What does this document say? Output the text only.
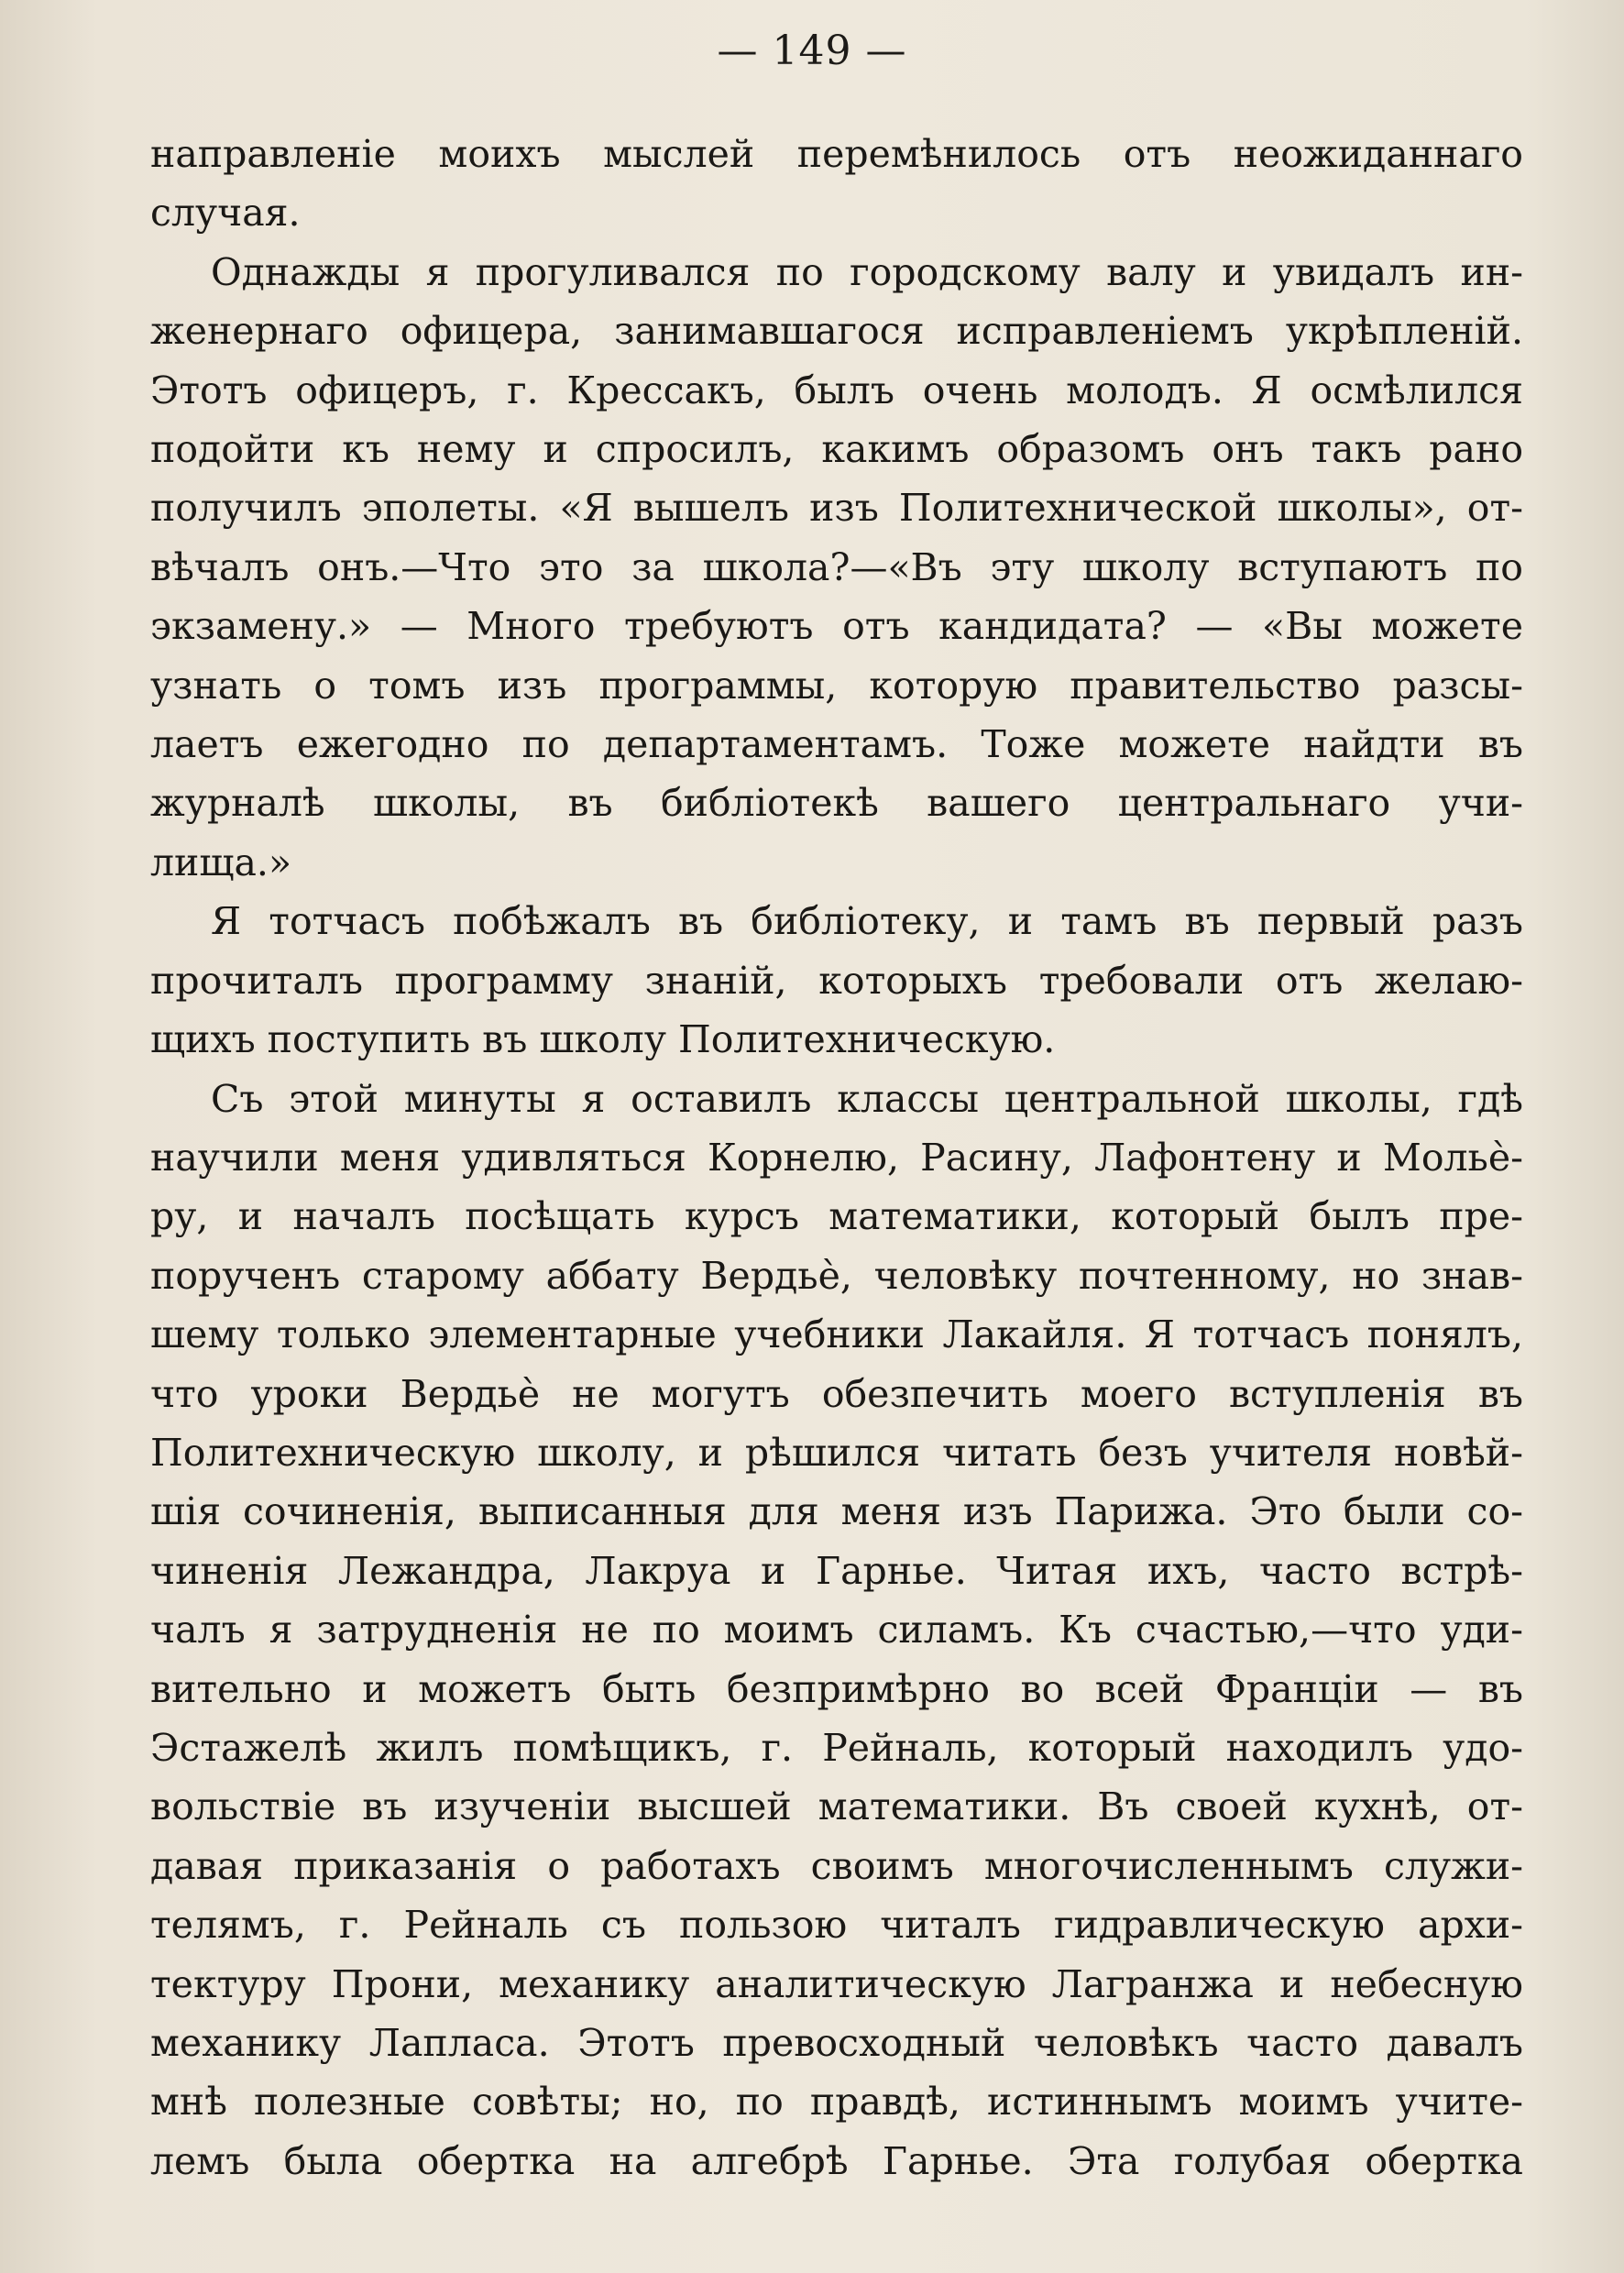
— 149 —
направленіе моихъ мыслей перемѣнилось отъ неожиданнаго
случая.
Однажды я прогуливался по городскому валу и увидалъ ин-
женернаго офицера, занимавшагося исправленіемъ укрѣпленій.
Этотъ офицеръ, г. Крессакъ, былъ очень молодъ. Я осмѣлился
подойти къ нему и спросилъ, какимъ образомъ онъ такъ рано
получилъ эполеты. «Я вышелъ изъ Политехнической школы», от-
вѣчалъ онъ.—Что это за школа?—«Въ эту школу вступаютъ по
экзамену.» — Много требуютъ отъ кандидата? — «Вы можете
узнать о томъ изъ программы, которую правительство разсы-
лаетъ ежегодно по департаментамъ. Тоже можете найдти въ
журналѣ школы, въ библіотекѣ вашего центральнаго учи-
лища.»
Я тотчасъ побѣжалъ въ библіотеку, и тамъ въ первый разъ
прочиталъ программу знаній, которыхъ требовали отъ желаю-
щихъ поступить въ школу Политехническую.
Съ этой минуты я оставилъ классы центральной школы, гдѣ
научили меня удивляться Корнелю, Расину, Лафонтену и Мольѐ-
ру, и началъ посѣщать курсъ математики, который былъ пре-
порученъ старому аббату Вердьѐ, человѣку почтенному, но знав-
шему только элементарные учебники Лакайля. Я тотчасъ понялъ,
что уроки Вердьѐ не могутъ обезпечить моего вступленія въ
Политехническую школу, и рѣшился читать безъ учителя новѣй-
шія сочиненія, выписанныя для меня изъ Парижа. Это были со-
чиненія Лежандра, Лакруа и Гарнье. Читая ихъ, часто встрѣ-
чалъ я затрудненія не по моимъ силамъ. Къ счастью,—что уди-
вительно и можетъ быть безпримѣрно во всей Франціи — въ
Эстажелѣ жилъ помѣщикъ, г. Рейналь, который находилъ удо-
вольствіе въ изученіи высшей математики. Въ своей кухнѣ, от-
давая приказанія о работахъ своимъ многочисленнымъ служи-
телямъ, г. Рейналь съ пользою читалъ гидравлическую архи-
тектуру Прони, механику аналитическую Лагранжа и небесную
механику Лапласа. Этотъ превосходный человѣкъ часто давалъ
мнѣ полезные совѣты; но, по правдѣ, истиннымъ моимъ учите-
лемъ была обертка на алгебрѣ Гарнье. Эта голубая обертка
